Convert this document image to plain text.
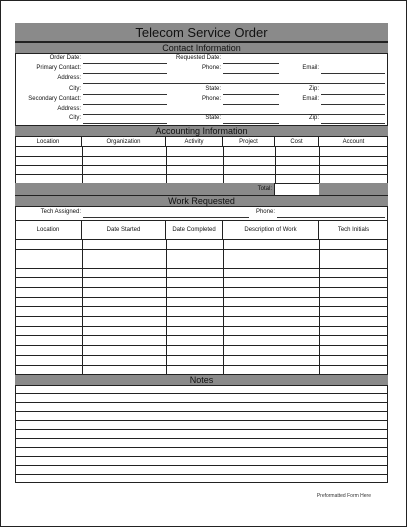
Telecom Service Order
Contact Information
Order Date:	Requested Date:
Primary Contact:	Phone:	Email:
Address:
City:	State:	Zip:
Secondary Contact:	Phone:	Email:
Address:
City:	State:	Zip:
Accounting Information
Location	Organization	Activity	Project	Cost	Account
Total:
Work Requested
Tech Assigned:	Phone:
Location	Date Started	Date Completed	Description of Work	Tech Initials
Notes
Preformatted Form Here
